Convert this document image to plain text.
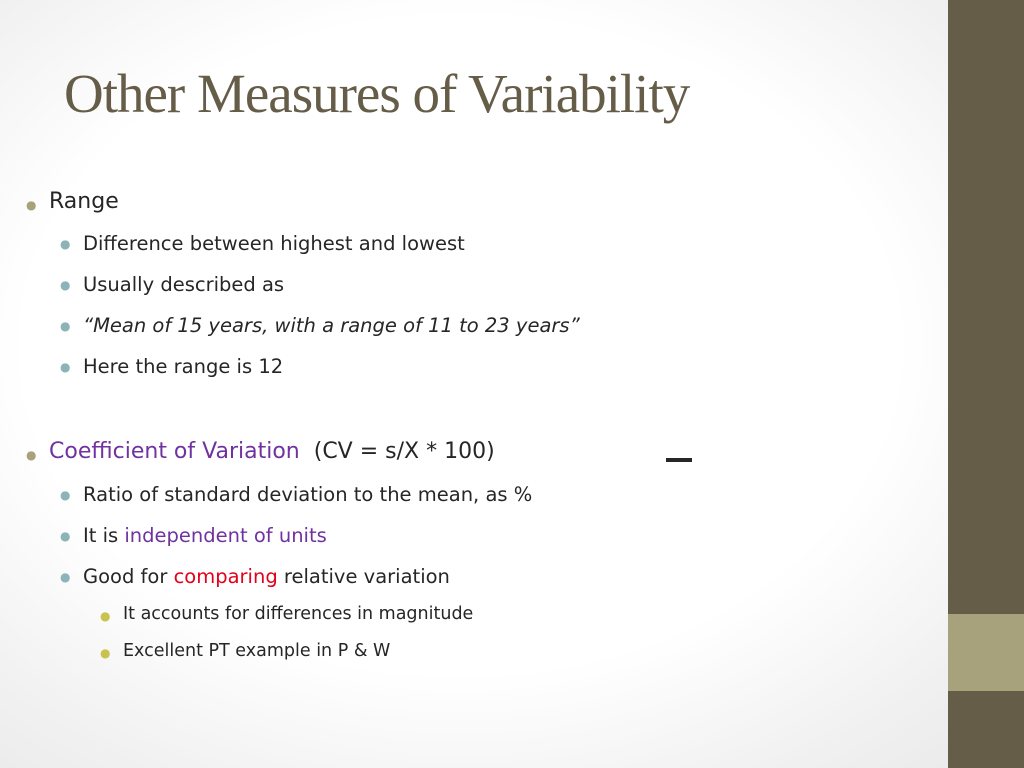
Other Measures of Variability
● Range
● Difference between highest and lowest
● Usually described as
● “Mean of 15 years, with a range of 11 to 23 years”
● Here the range is 12
● Coefficient of Variation (CV = s/X * 100)
● Ratio of standard deviation to the mean, as %
● It is independent of units
● Good for comparing relative variation
● It accounts for differences in magnitude
● Excellent PT example in P & W
